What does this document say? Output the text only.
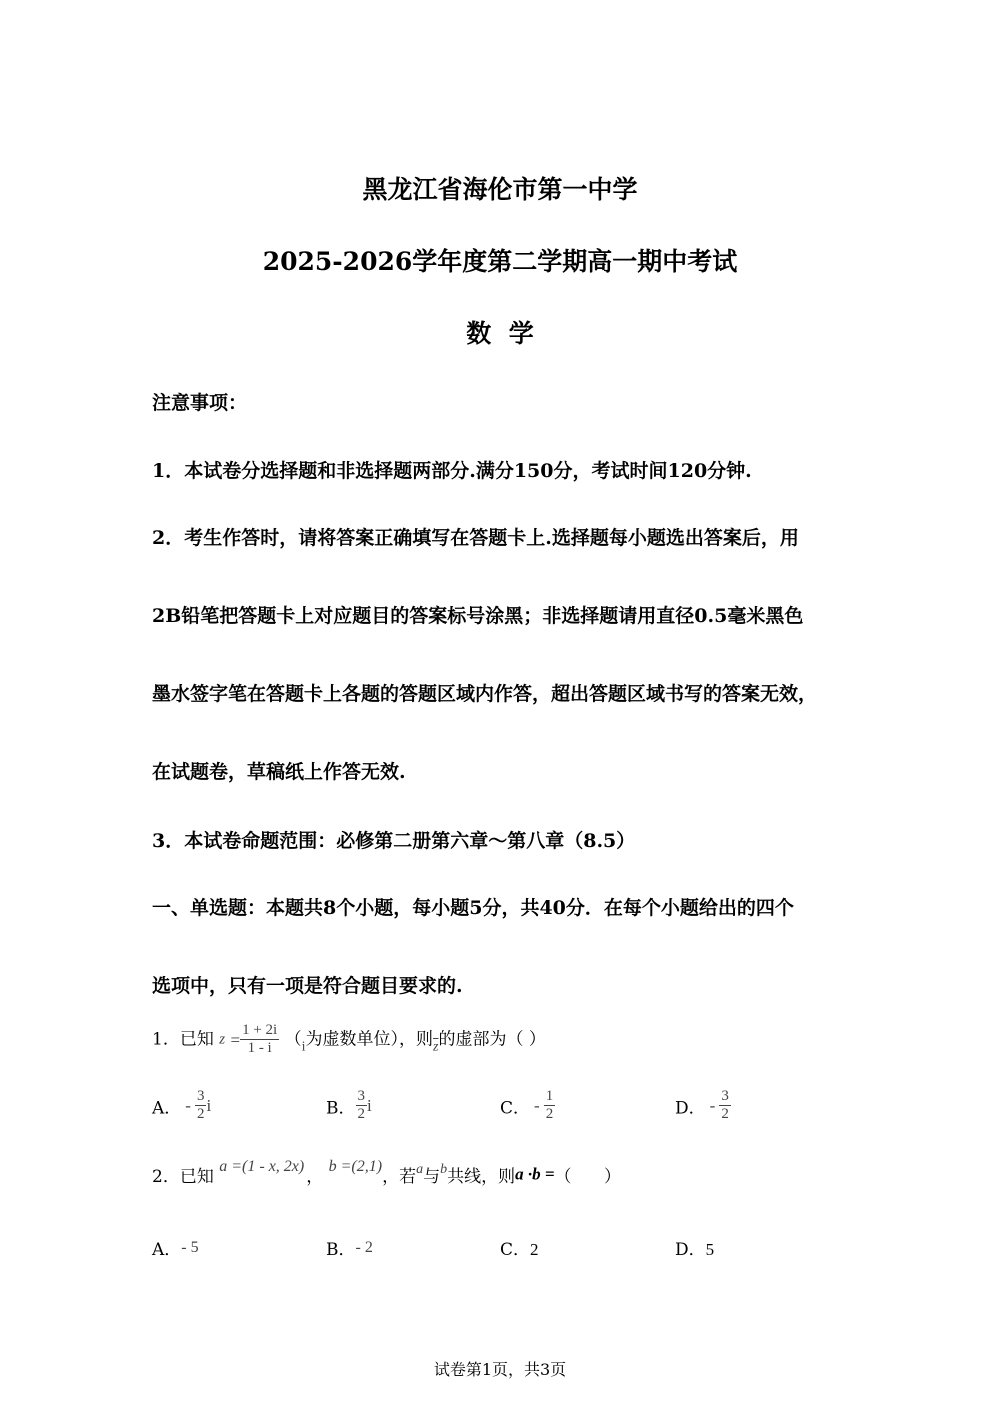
黑龙江省海伦市第一中学
2025-2026学年度第二学期高一期中考试
数  学
注意事项：
1．本试卷分选择题和非选择题两部分.满分150分，考试时间120分钟.
2．考生作答时，请将答案正确填写在答题卡上.选择题每小题选出答案后，用
2B铅笔把答题卡上对应题目的答案标号涂黑；非选择题请用直径0.5毫米黑色
墨水签字笔在答题卡上各题的答题区域内作答，超出答题区域书写的答案无效，
在试题卷，草稿纸上作答无效.
3．本试卷命题范围：必修第二册第六章～第八章（8.5）
一、单选题：本题共8个小题，每小题5分，共40分．在每个小题给出的四个
选项中，只有一项是符合题目要求的.
1．已知 $z = \frac{1 + 2i}{1 - i} (_i$为虚数单位），则$_{\overline{z}}$的虚部为（ ）
A． - $\frac{3}{2}$ i	B． $\frac{3}{2}$ i	C． - $\frac{1}{2}$	D． - $\frac{3}{2}$
2．已知 a =(1 - x, 2x)， b =(2,1)，若$^a$与$^b$共线，则a ·b =（      ）
A．- 5	B．- 2	C．2	D．5
试卷第1页，共3页
